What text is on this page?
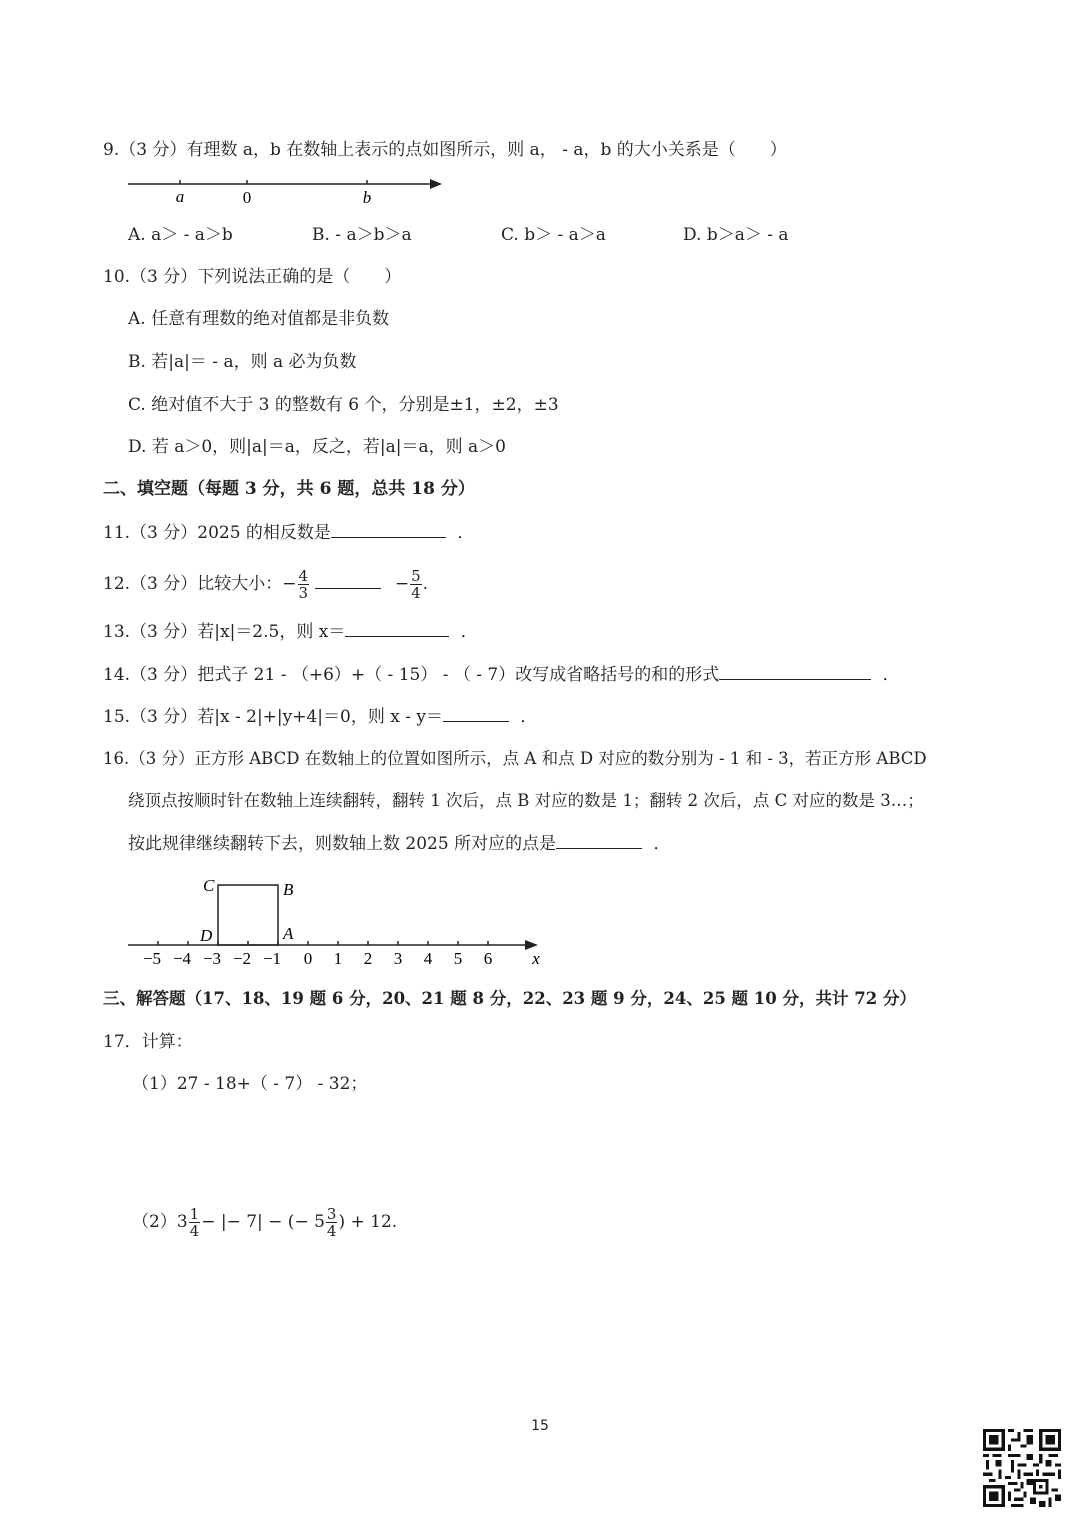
9.（3 分）有理数 a，b 在数轴上表示的点如图所示，则 a， - a，b 的大小关系是（　　）
a	0	b
A. a＞ - a＞b	B. - a＞b＞a	C. b＞ - a＞a	D. b＞a＞ - a
10.（3 分）下列说法正确的是（　　）
A. 任意有理数的绝对值都是非负数
B. 若|a|＝ - a，则 a 必为负数
C. 绝对值不大于 3 的整数有 6 个，分别是±1，±2，±3
D. 若 a＞0，则|a|＝a，反之，若|a|＝a，则 a＞0
二、填空题（每题 3 分，共 6 题，总共 18 分）
11.（3 分）2025 的相反数是	．
12.（3 分）比较大小：− $\frac{4}{3}$	− $\frac{5}{4}$ .
13.（3 分）若|x|＝2.5，则 x＝	．
14.（3 分）把式子 21 - （+6）+（ - 15） - （ - 7）改写成省略括号的和的形式	．
15.（3 分）若|x - 2|+|y+4|＝0，则 x - y＝	．
16.（3 分）正方形 ABCD 在数轴上的位置如图所示，点 A 和点 D 对应的数分别为 - 1 和 - 3，若正方形 ABCD
绕顶点按顺时针在数轴上连续翻转，翻转 1 次后，点 B 对应的数是 1；翻转 2 次后，点 C 对应的数是 3…；
按此规律继续翻转下去，则数轴上数 2025 所对应的点是	．
C	B
D	A
−5 −4 −3 −2 −1 0 1 2 3 4 5 6 x
三、解答题（17、18、19 题 6 分，20、21 题 8 分，22、23 题 9 分，24、25 题 10 分，共计 72 分）
17．计算：
（1）27 - 18+（ - 7） - 32；
$(2)3 \frac{1}{4}$ − |− 7| − (− $5 \frac{3}{4}$ ) + 12.
15
